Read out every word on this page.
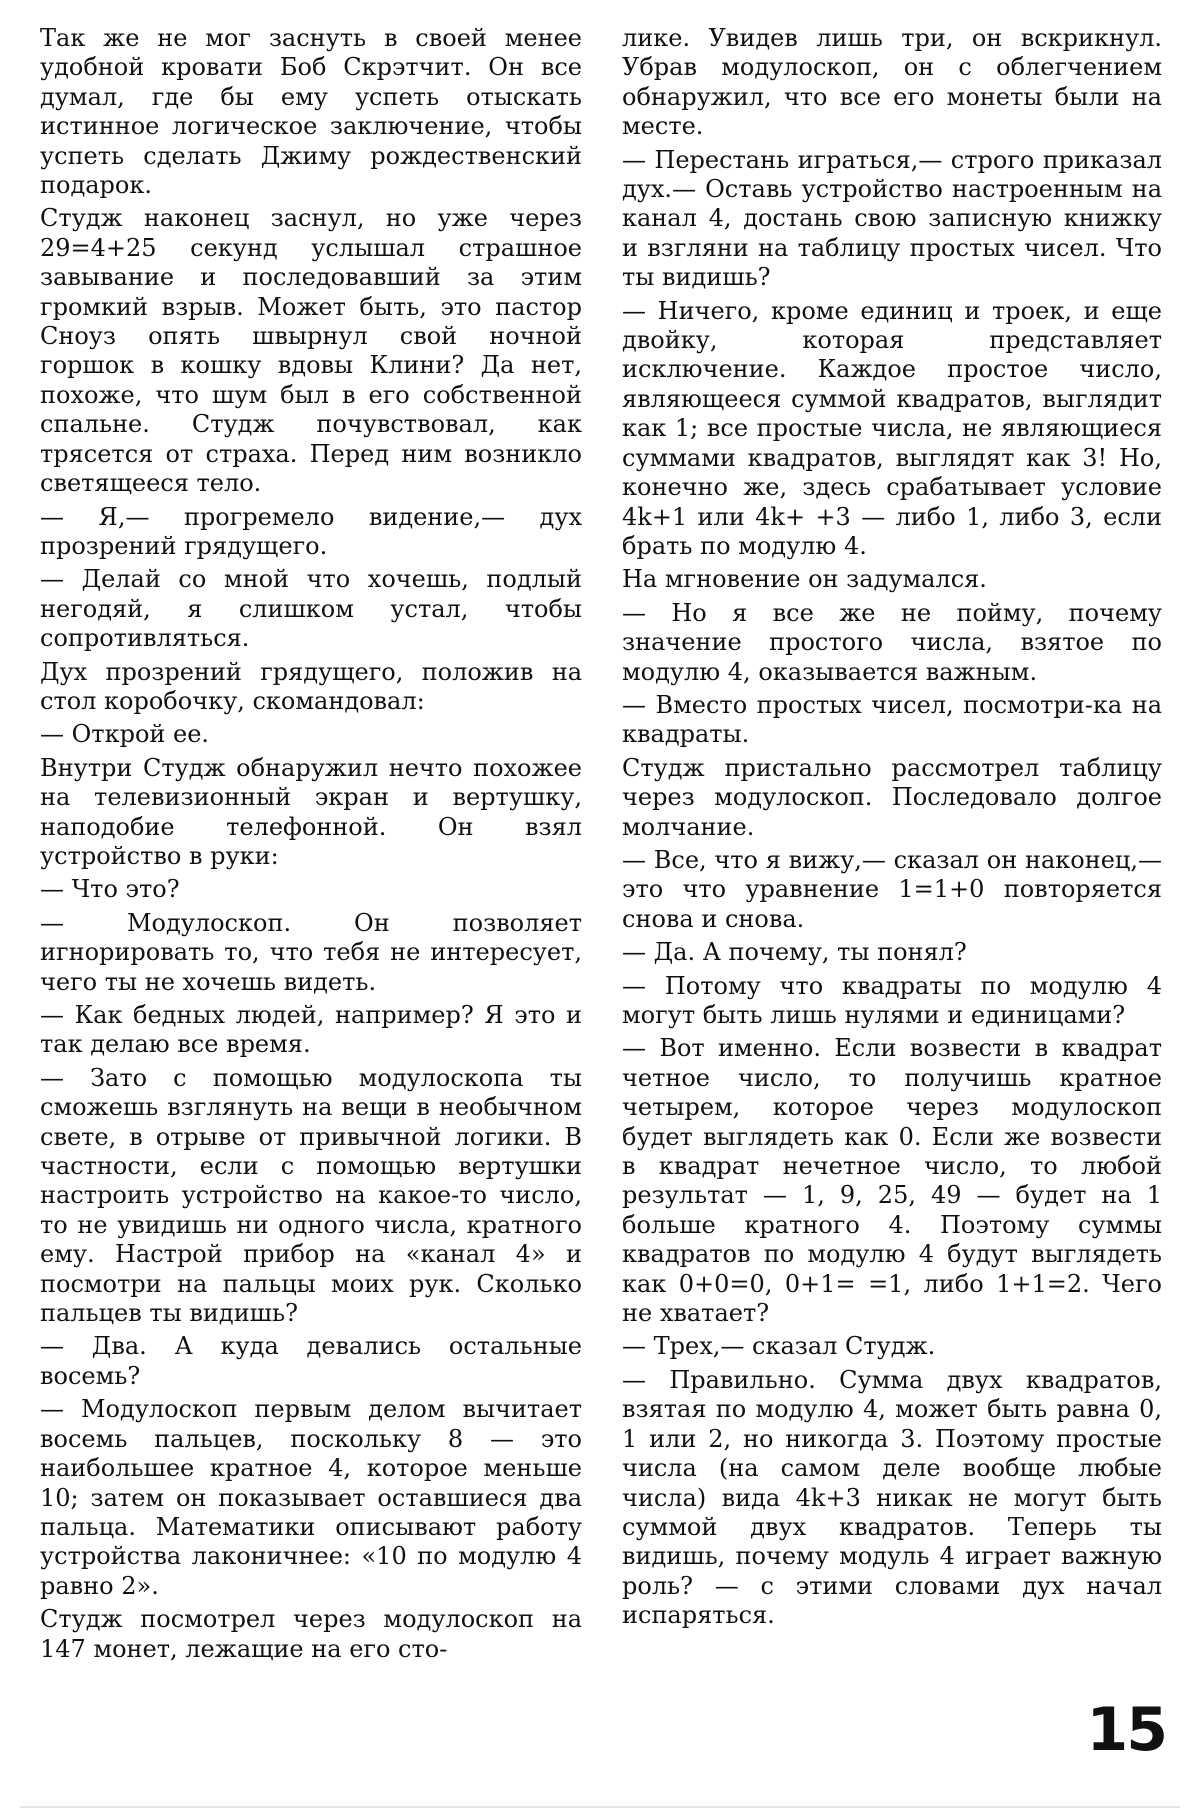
Так же не мог заснуть в своей менее удобной кровати Боб Скрэтчит. Он все думал, где бы ему успеть отыскать истинное логическое заключение, чтобы успеть сделать Джиму рождественский подарок.

Студж наконец заснул, но уже через 29=4+25 секунд услышал страшное завывание и последовавший за этим громкий взрыв. Может быть, это пастор Сноуз опять швырнул свой ночной горшок в кошку вдовы Клини? Да нет, похоже, что шум был в его собственной спальне. Студж почувствовал, как трясется от страха. Перед ним возникло светящееся тело.

— Я,— прогремело видение,— дух прозрений грядущего.

— Делай со мной что хочешь, подлый негодяй, я слишком устал, чтобы сопротивляться.

Дух прозрений грядущего, положив на стол коробочку, скомандовал:

— Открой ее.

Внутри Студж обнаружил нечто похожее на телевизионный экран и вертушку, наподобие телефонной. Он взял устройство в руки:

— Что это?

— Модулоскоп. Он позволяет игнорировать то, что тебя не интересует, чего ты не хочешь видеть.

— Как бедных людей, например? Я это и так делаю все время.

— Зато с помощью модулоскопа ты сможешь взглянуть на вещи в необычном свете, в отрыве от привычной логики. В частности, если с помощью вертушки настроить устройство на какое-то число, то не увидишь ни одного числа, кратного ему. Настрой прибор на «канал 4» и посмотри на пальцы моих рук. Сколько пальцев ты видишь?

— Два. А куда девались остальные восемь?

— Модулоскоп первым делом вычитает восемь пальцев, поскольку 8 — это наибольшее кратное 4, которое меньше 10; затем он показывает оставшиеся два пальца. Математики описывают работу устройства лаконичнее: «10 по модулю 4 равно 2».

Студж посмотрел через модулоскоп на 147 монет, лежащие на его сто-

лике. Увидев лишь три, он вскрикнул. Убрав модулоскоп, он с облегчением обнаружил, что все его монеты были на месте.

— Перестань играться,— строго приказал дух.— Оставь устройство настроенным на канал 4, достань свою записную книжку и взгляни на таблицу простых чисел. Что ты видишь?

— Ничего, кроме единиц и троек, и еще двойку, которая представляет исключение. Каждое простое число, являющееся суммой квадратов, выглядит как 1; все простые числа, не являющиеся суммами квадратов, выглядят как 3! Но, конечно же, здесь срабатывает условие 4k+1 или 4k+ +3 — либо 1, либо 3, если брать по модулю 4.

На мгновение он задумался.

— Но я все же не пойму, почему значение простого числа, взятое по модулю 4, оказывается важным.

— Вместо простых чисел, посмотри-ка на квадраты.

Студж пристально рассмотрел таблицу через модулоскоп. Последовало долгое молчание.

— Все, что я вижу,— сказал он наконец,— это что уравнение 1=1+0 повторяется снова и снова.

— Да. А почему, ты понял?

— Потому что квадраты по модулю 4 могут быть лишь нулями и единицами?

— Вот именно. Если возвести в квадрат четное число, то получишь кратное четырем, которое через модулоскоп будет выглядеть как 0. Если же возвести в квадрат нечетное число, то любой результат — 1, 9, 25, 49 — будет на 1 больше кратного 4. Поэтому суммы квадратов по модулю 4 будут выглядеть как 0+0=0, 0+1= =1, либо 1+1=2. Чего не хватает?

— Трех,— сказал Студж.

— Правильно. Сумма двух квадратов, взятая по модулю 4, может быть равна 0, 1 или 2, но никогда 3. Поэтому простые числа (на самом деле вообще любые числа) вида 4k+3 никак не могут быть суммой двух квадратов. Теперь ты видишь, почему модуль 4 играет важную роль? — с этими словами дух начал испаряться.

15
